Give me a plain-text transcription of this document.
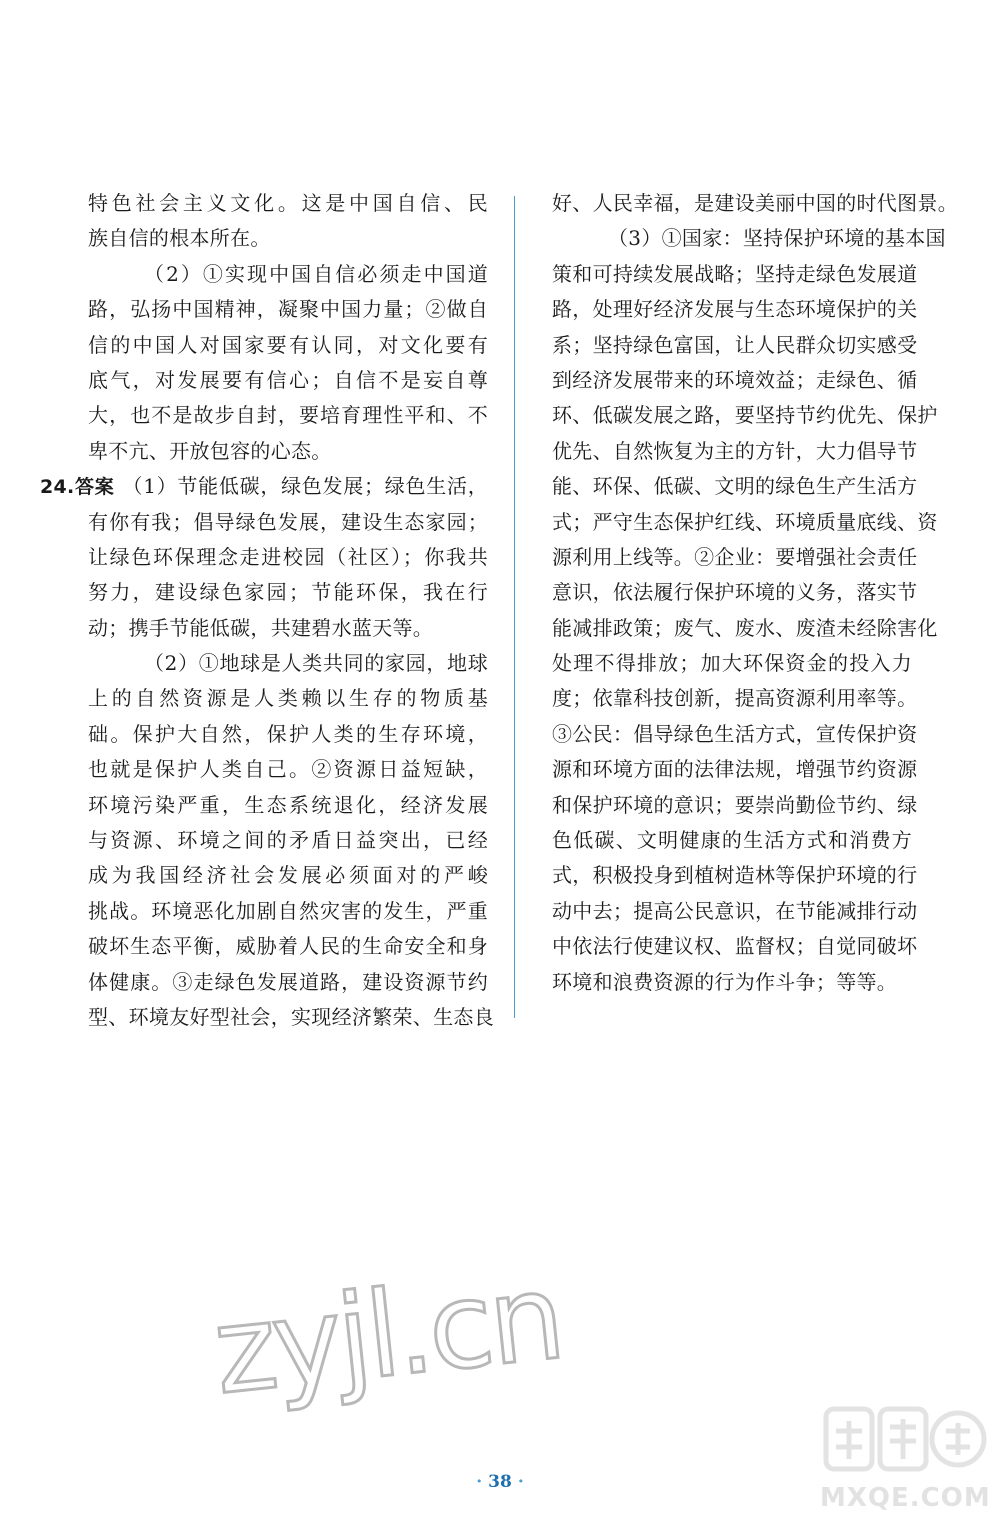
特色社会主义文化。这是中国自信、民
族自信的根本所在。
（2）①实现中国自信必须走中国道
路，弘扬中国精神，凝聚中国力量；②做自
信的中国人对国家要有认同，对文化要有
底气，对发展要有信心；自信不是妄自尊
大，也不是故步自封，要培育理性平和、不
卑不亢、开放包容的心态。
24.答案 （1）节能低碳，绿色发展；绿色生活，
有你有我；倡导绿色发展，建设生态家园；
让绿色环保理念走进校园（社区）；你我共
努力，建设绿色家园；节能环保，我在行
动；携手节能低碳，共建碧水蓝天等。
（2）①地球是人类共同的家园，地球
上的自然资源是人类赖以生存的物质基
础。保护大自然，保护人类的生存环境，
也就是保护人类自己。②资源日益短缺，
环境污染严重，生态系统退化，经济发展
与资源、环境之间的矛盾日益突出，已经
成为我国经济社会发展必须面对的严峻
挑战。环境恶化加剧自然灾害的发生，严重
破坏生态平衡，威胁着人民的生命安全和身
体健康。③走绿色发展道路，建设资源节约
型、环境友好型社会，实现经济繁荣、生态良
好、人民幸福，是建设美丽中国的时代图景。
（3）①国家：坚持保护环境的基本国
策和可持续发展战略；坚持走绿色发展道
路，处理好经济发展与生态环境保护的关
系；坚持绿色富国，让人民群众切实感受
到经济发展带来的环境效益；走绿色、循
环、低碳发展之路，要坚持节约优先、保护
优先、自然恢复为主的方针，大力倡导节
能、环保、低碳、文明的绿色生产生活方
式；严守生态保护红线、环境质量底线、资
源利用上线等。②企业：要增强社会责任
意识，依法履行保护环境的义务，落实节
能减排政策；废气、废水、废渣未经除害化
处理不得排放；加大环保资金的投入力
度；依靠科技创新，提高资源利用率等。
③公民：倡导绿色生活方式，宣传保护资
源和环境方面的法律法规，增强节约资源
和保护环境的意识；要崇尚勤俭节约、绿
色低碳、文明健康的生活方式和消费方
式，积极投身到植树造林等保护环境的行
动中去；提高公民意识，在节能减排行动
中依法行使建议权、监督权；自觉同破坏
环境和浪费资源的行为作斗争；等等。
zyjl.cn
MXQE.COM
· 38 ·
